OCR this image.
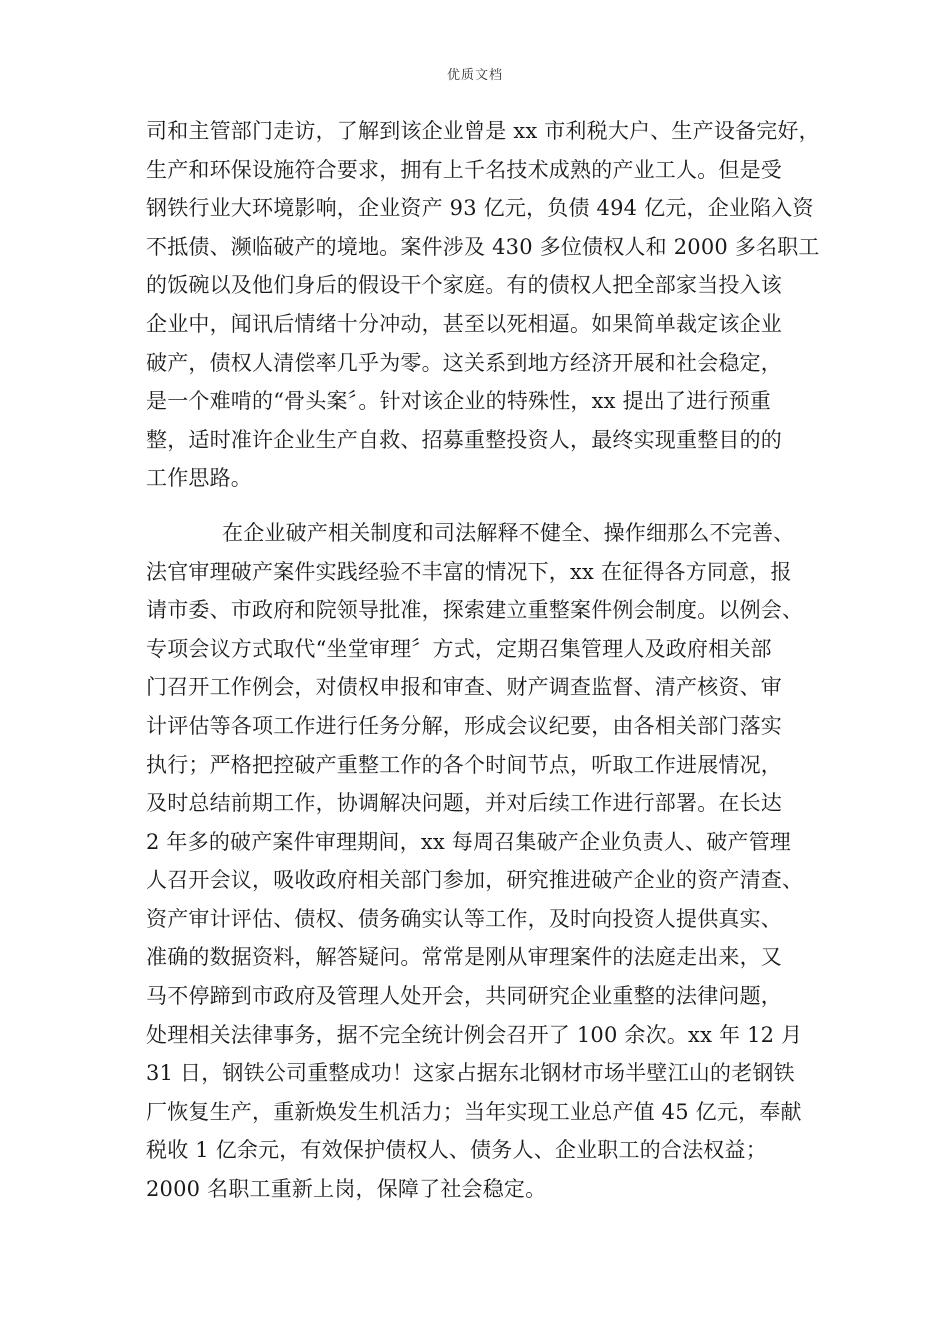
优质文档
司和主管部门走访，了解到该企业曾是 xx 市利税大户、生产设备完好，
生产和环保设施符合要求，拥有上千名技术成熟的产业工人。但是受
钢铁行业大环境影响，企业资产 93 亿元，负债 494 亿元，企业陷入资
不抵债、濒临破产的境地。案件涉及 430 多位债权人和 2000 多名职工
的饭碗以及他们身后的假设干个家庭。有的债权人把全部家当投入该
企业中，闻讯后情绪十分冲动，甚至以死相逼。如果简单裁定该企业
破产，债权人清偿率几乎为零。这关系到地方经济开展和社会稳定，
是一个难啃的“骨头案〞。针对该企业的特殊性，xx 提出了进行预重
整，适时准许企业生产自救、招募重整投资人，最终实现重整目的的
工作思路。
在企业破产相关制度和司法解释不健全、操作细那么不完善、
法官审理破产案件实践经验不丰富的情况下，xx 在征得各方同意，报
请市委、市政府和院领导批准，探索建立重整案件例会制度。以例会、
专项会议方式取代“坐堂审理〞方式，定期召集管理人及政府相关部
门召开工作例会，对债权申报和审查、财产调查监督、清产核资、审
计评估等各项工作进行任务分解，形成会议纪要，由各相关部门落实
执行；严格把控破产重整工作的各个时间节点，听取工作进展情况，
及时总结前期工作，协调解决问题，并对后续工作进行部署。在长达
2 年多的破产案件审理期间，xx 每周召集破产企业负责人、破产管理
人召开会议，吸收政府相关部门参加，研究推进破产企业的资产清查、
资产审计评估、债权、债务确实认等工作，及时向投资人提供真实、
准确的数据资料，解答疑问。常常是刚从审理案件的法庭走出来，又
马不停蹄到市政府及管理人处开会，共同研究企业重整的法律问题，
处理相关法律事务，据不完全统计例会召开了 100 余次。xx 年 12 月
31 日，钢铁公司重整成功！这家占据东北钢材市场半壁江山的老钢铁
厂恢复生产，重新焕发生机活力；当年实现工业总产值 45 亿元，奉献
税收 1 亿余元，有效保护债权人、债务人、企业职工的合法权益；
2000 名职工重新上岗，保障了社会稳定。
